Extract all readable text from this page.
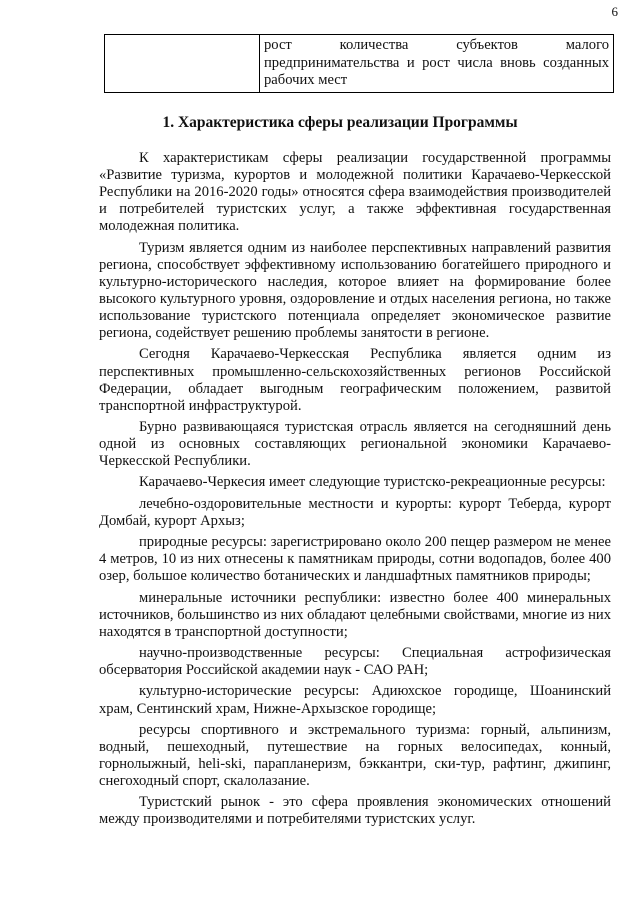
6
	рост количества субъектов малого предпринимательства и рост числа вновь созданных рабочих мест
1. Характеристика сферы реализации Программы

К характеристикам сферы реализации государственной программы «Развитие туризма, курортов и молодежной политики Карачаево-Черкесской Республики на 2016-2020 годы» относятся сфера взаимодействия производителей и потребителей туристских услуг, а также эффективная государственная молодежная политика.

Туризм является одним из наиболее перспективных направлений развития региона, способствует эффективному использованию богатейшего природного и культурно-исторического наследия, которое влияет на формирование более высокого культурного уровня, оздоровление и отдых населения региона, но также использование туристского потенциала определяет экономическое развитие региона, содействует решению проблемы занятости в регионе.

Сегодня Карачаево-Черкесская Республика является одним из перспективных промышленно-сельскохозяйственных регионов Российской Федерации, обладает выгодным географическим положением, развитой транспортной инфраструктурой.

Бурно развивающаяся туристская отрасль является на сегодняшний день одной из основных составляющих региональной экономики Карачаево-Черкесской Республики.

Карачаево-Черкесия имеет следующие туристско-рекреационные ресурсы:

лечебно-оздоровительные местности и курорты: курорт Теберда, курорт Домбай, курорт Архыз;

природные ресурсы: зарегистрировано около 200 пещер размером не менее 4 метров, 10 из них отнесены к памятникам природы, сотни водопадов, более 400 озер, большое количество ботанических и ландшафтных памятников природы;

минеральные источники республики: известно более 400 минеральных источников, большинство из них обладают целебными свойствами, многие из них находятся в транспортной доступности;

научно-производственные ресурсы: Специальная астрофизическая обсерватория Российской академии наук - САО РАН;

культурно-исторические ресурсы: Адиюхское городище, Шоанинский храм, Сентинский храм, Нижне-Архызское городище;

ресурсы спортивного и экстремального туризма: горный, альпинизм, водный, пешеходный, путешествие на горных велосипедах, конный, горнолыжный, heli-ski, парапланеризм, бэккантри, ски-тур, рафтинг, джипинг, снегоходный спорт, скалолазание.

Туристский рынок - это сфера проявления экономических отношений между производителями и потребителями туристских услуг.
